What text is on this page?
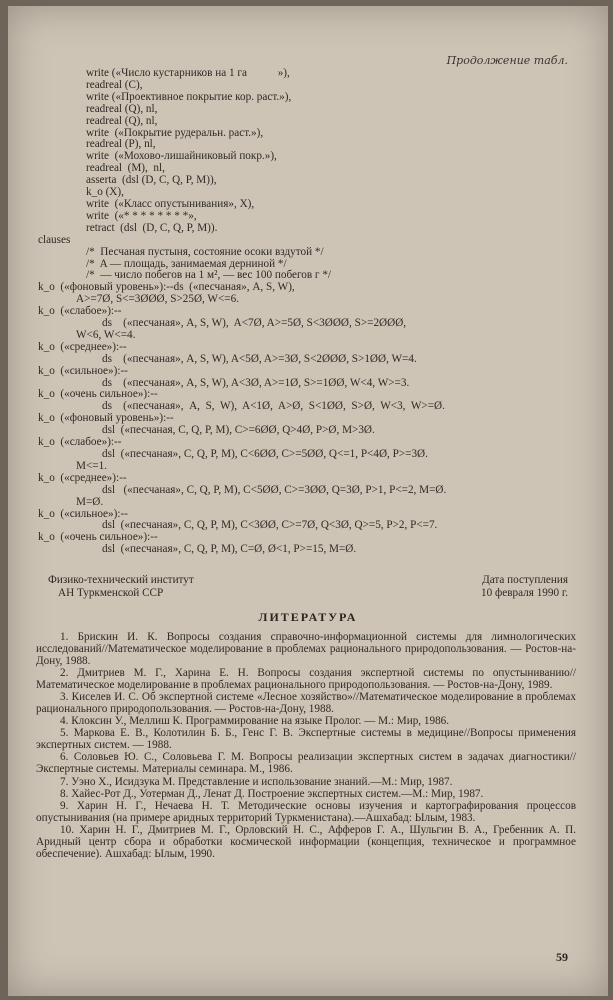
Продолжение табл.
write («Число кустарников на 1 га           »),
readreal (C),
write («Проективное покрытие кор. раст.»),
readreal (Q), nl,
readreal (Q), nl,
write  («Покрытие рудеральн. раст.»),
readreal (P), nl,
write  («Мохово-лишайниковый покр.»),
readreal  (M),  nl,
asserta  (dsl (D, C, Q, P, M)),
k_o (X),
write  («Класс опустынивания», X),
write  («* * * * * * * *»,
retract  (dsl  (D, C, Q, P, M)).
clauses
/*  Песчаная пустыня, состояние осоки вздутой */
/*  A — площадь, занимаемая дерниной */
/*  — число побегов на 1 м², — вес 100 побегов г */
k_o  («фоновый уровень»):--ds  («песчаная», A, S, W),
A>=7Ø, S<=3ØØØ, S>25Ø, W<=6.
k_o  («слабое»):--
ds    («песчаная», A, S, W),  A<7Ø, A>=5Ø, S<3ØØØ, S>=2ØØØ,
W<6, W<=4.
k_o  («среднее»):--
ds    («песчаная», A, S, W), A<5Ø, A>=3Ø, S<2ØØØ, S>1ØØ, W=4.
k_o  («сильное»):--
ds    («песчаная», A, S, W), A<3Ø, A>=1Ø, S>=1ØØ, W<4, W>=3.
k_o  («очень сильное»):--
ds    («песчаная»,  A,  S,  W),  A<1Ø,  A>Ø,  S<1ØØ,  S>Ø,  W<3,  W>=Ø.
k_o  («фоновый уровень»):--
dsl  («песчаная, C, Q, P, M), C>=6ØØ, Q>4Ø, P>Ø, M>3Ø.
k_o  («слабое»):--
dsl  («песчаная», C, Q, P, M), C<6ØØ, C>=5ØØ, Q<=1, P<4Ø, P>=3Ø.
M<=1.
k_o  («среднее»):--
dsl   («песчаная», C, Q, P, M), C<5ØØ, C>=3ØØ, Q=3Ø, P>1, P<=2, M=Ø.
M=Ø.
k_o  («сильное»):--
dsl  («песчаная», C, Q, P, M), C<3ØØ, C>=7Ø, Q<3Ø, Q>=5, P>2, P<=7.
k_o  («очень сильное»):--
dsl  («песчаная», C, Q, P, M), C=Ø, Ø<1, P>=15, M=Ø.
Физико-технический институт	Дата поступления
АН Туркменской ССР	10 февраля 1990 г.
ЛИТЕРАТУРА

1. Брискин И. К. Вопросы создания справочно-информационной системы для лимнологических исследований//Математическое моделирование в проблемах рационального природопользования. — Ростов-на-Дону, 1988.

2. Дмитриев М. Г., Харина Е. Н. Вопросы создания экспертной системы по опустыниванию//Математическое моделирование в проблемах рационального природопользования. — Ростов-на-Дону, 1989.

3. Киселев И. С. Об экспертной системе «Лесное хозяйство»//Математическое моделирование в проблемах рационального природопользования. — Ростов-на-Дону, 1988.

4. Клоксин У., Меллиш К. Программирование на языке Пролог. — М.: Мир, 1986.

5. Маркова Е. В., Колотилин Б. Б., Генс Г. В. Экспертные системы в медицине//Вопросы применения экспертных систем. — 1988.

6. Соловьев Ю. С., Соловьева Г. М. Вопросы реализации экспертных систем в задачах диагностики//Экспертные системы. Материалы семинара. М., 1986.

7. Уэно Х., Исидзука М. Представление и использование знаний.—М.: Мир, 1987.

8. Хайес-Рот Д., Уотерман Д., Ленат Д. Построение экспертных систем.—М.: Мир, 1987.

9. Харин Н. Г., Нечаева Н. Т. Методические основы изучения и картографирования процессов опустынивания (на примере аридных территорий Туркменистана).—Ашхабад: Ылым, 1983.

10. Харин Н. Г., Дмитриев М. Г., Орловский Н. С., Афферов Г. А., Шульгин В. А., Гребенник А. П. Аридный центр сбора и обработки космической информации (концепция, техническое и программное обеспечение). Ашхабад: Ылым, 1990.

59
